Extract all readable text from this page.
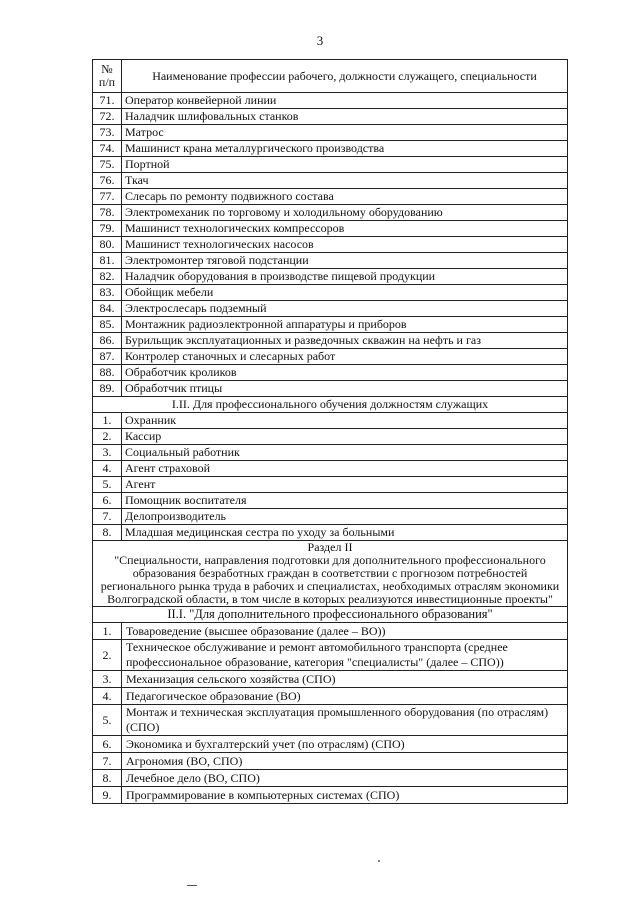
3
№
п/п	Наименование профессии рабочего, должности служащего, специальности
71.	Оператор конвейерной линии
72.	Наладчик шлифовальных станков
73.	Матрос
74.	Машинист крана металлургического производства
75.	Портной
76.	Ткач
77.	Слесарь по ремонту подвижного состава
78.	Электромеханик по торговому и холодильному оборудованию
79.	Машинист технологических компрессоров
80.	Машинист технологических насосов
81.	Электромонтер тяговой подстанции
82.	Наладчик оборудования в производстве пищевой продукции
83.	Обойщик мебели
84.	Электрослесарь подземный
85.	Монтажник радиоэлектронной аппаратуры и приборов
86.	Бурильщик эксплуатационных и разведочных скважин на нефть и газ
87.	Контролер станочных и слесарных работ
88.	Обработчик кроликов
89.	Обработчик птицы
I.II. Для профессионального обучения должностям служащих	
1.	Охранник
2.	Кассир
3.	Социальный работник
4.	Агент страховой
5.	Агент
6.	Помощник воспитателя
7.	Делопроизводитель
8.	Младшая медицинская сестра по уходу за больными

Раздел II
"Специальности, направления подготовки для дополнительного профессионального образования безработных граждан в соответствии с прогнозом потребностей регионального рынка труда в рабочих и специалистах, необходимых отраслям экономики Волгоградской области, в том числе в которых реализуются инвестиционные проекты"	

II.I. "Для дополнительного профессионального образования"	
1.	Товароведение (высшее образование (далее – ВО))
2.	Техническое обслуживание и ремонт автомобильного транспорта (среднее профессиональное образование, категория "специалисты" (далее – СПО))
3.	Механизация сельского хозяйства (СПО)
4.	Педагогическое образование (ВО)
5.	Монтаж и техническая эксплуатация промышленного оборудования (по отраслям) (СПО)
6.	Экономика и бухгалтерский учет (по отраслям) (СПО)
7.	Агрономия (ВО, СПО)
8.	Лечебное дело (ВО, СПО)
9.	Программирование в компьютерных системах (СПО)
